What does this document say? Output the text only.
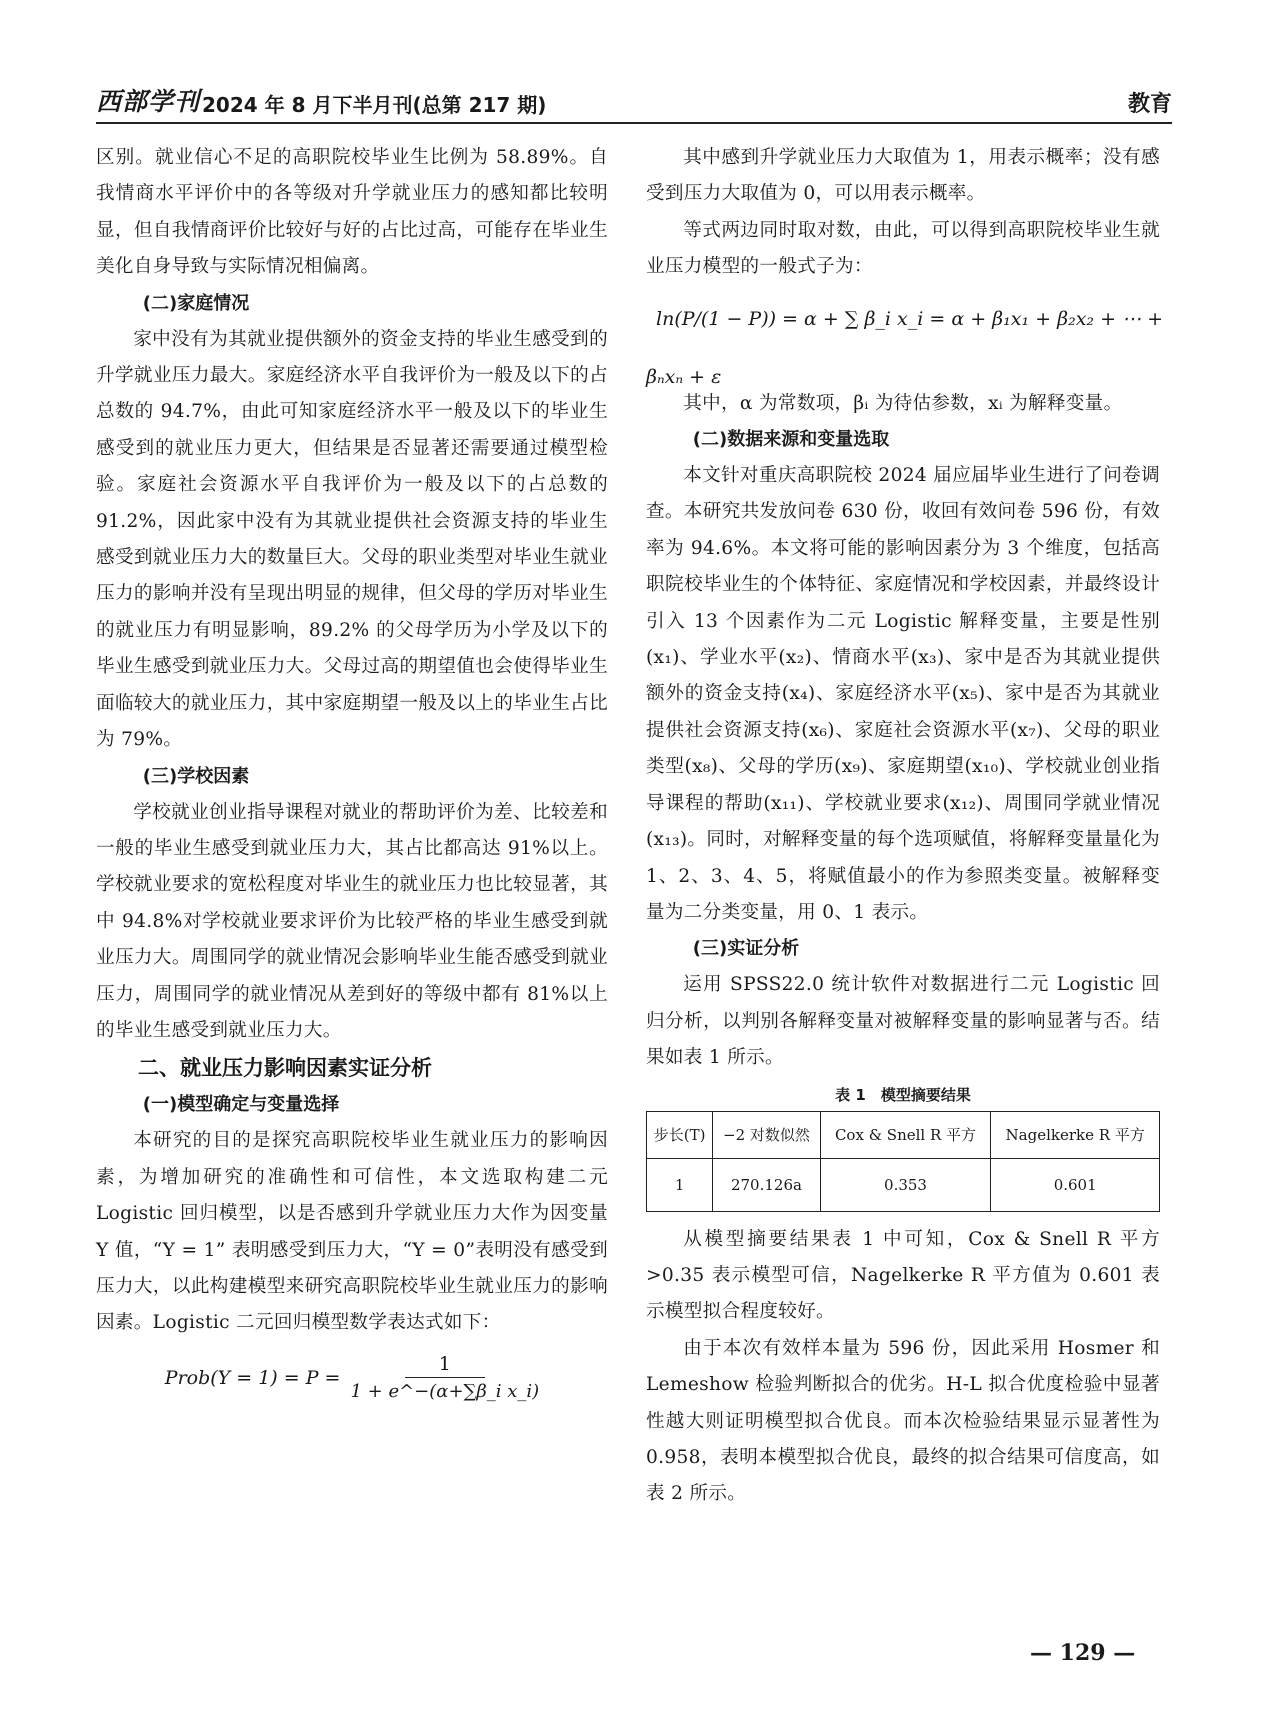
西部学刊 2024 年 8 月下半月刊(总第 217 期)	教育

区别。就业信心不足的高职院校毕业生比例为 58.89%。自我情商水平评价中的各等级对升学就业压力的感知都比较明显，但自我情商评价比较好与好的占比过高，可能存在毕业生美化自身导致与实际情况相偏离。

(二)家庭情况

家中没有为其就业提供额外的资金支持的毕业生感受到的升学就业压力最大。家庭经济水平自我评价为一般及以下的占总数的 94.7%，由此可知家庭经济水平一般及以下的毕业生感受到的就业压力更大，但结果是否显著还需要通过模型检验。家庭社会资源水平自我评价为一般及以下的占总数的 91.2%，因此家中没有为其就业提供社会资源支持的毕业生感受到就业压力大的数量巨大。父母的职业类型对毕业生就业压力的影响并没有呈现出明显的规律，但父母的学历对毕业生的就业压力有明显影响，89.2% 的父母学历为小学及以下的毕业生感受到就业压力大。父母过高的期望值也会使得毕业生面临较大的就业压力，其中家庭期望一般及以上的毕业生占比为 79%。

(三)学校因素

学校就业创业指导课程对就业的帮助评价为差、比较差和一般的毕业生感受到就业压力大，其占比都高达 91%以上。学校就业要求的宽松程度对毕业生的就业压力也比较显著，其中 94.8%对学校就业要求评价为比较严格的毕业生感受到就业压力大。周围同学的就业情况会影响毕业生能否感受到就业压力，周围同学的就业情况从差到好的等级中都有 81%以上的毕业生感受到就业压力大。

二、就业压力影响因素实证分析

(一)模型确定与变量选择

本研究的目的是探究高职院校毕业生就业压力的影响因素，为增加研究的准确性和可信性，本文选取构建二元 Logistic 回归模型，以是否感到升学就业压力大作为因变量 Y 值，“Y = 1” 表明感受到压力大，“Y = 0”表明没有感受到压力大，以此构建模型来研究高职院校毕业生就业压力的影响因素。Logistic 二元回归模型数学表达式如下：

Prob(Y = $1) = P = \frac{1}{\text{1 + e\textasciicircum{}−(α+∑β\_i x\_i)}}$

其中感到升学就业压力大取值为 1，用表示概率；没有感受到压力大取值为 0，可以用表示概率。

等式两边同时取对数，由此，可以得到高职院校毕业生就业压力模型的一般式子为：

ln(P/(1 − P)) = α + ∑ β_i x_i = α + β₁x₁ + β₂x₂ + ⋯ +
βₙxₙ + ε

其中，α 为常数项，βᵢ 为待估参数，xᵢ 为解释变量。

(二)数据来源和变量选取

本文针对重庆高职院校 2024 届应届毕业生进行了问卷调查。本研究共发放问卷 630 份，收回有效问卷 596 份，有效率为 94.6%。本文将可能的影响因素分为 3 个维度，包括高职院校毕业生的个体特征、家庭情况和学校因素，并最终设计引入 13 个因素作为二元 Logistic 解释变量，主要是性别(x₁)、学业水平(x₂)、情商水平(x₃)、家中是否为其就业提供额外的资金支持(x₄)、家庭经济水平(x₅)、家中是否为其就业提供社会资源支持(x₆)、家庭社会资源水平(x₇)、父母的职业类型(x₈)、父母的学历(x₉)、家庭期望(x₁₀)、学校就业创业指导课程的帮助(x₁₁)、学校就业要求(x₁₂)、周围同学就业情况(x₁₃)。同时，对解释变量的每个选项赋值，将解释变量量化为 1、2、3、4、5，将赋值最小的作为参照类变量。被解释变量为二分类变量，用 0、1 表示。

(三)实证分析

运用 SPSS22.0 统计软件对数据进行二元 Logistic 回归分析，以判别各解释变量对被解释变量的影响显著与否。结果如表 1 所示。

表 1　模型摘要结果
步长(T)	−2 对数似然	Cox & Snell R 平方	Nagelkerke R 平方
1	270.126a	0.353	0.601

从模型摘要结果表 1 中可知，Cox & Snell R 平方 >0.35 表示模型可信，Nagelkerke R 平方值为 0.601 表示模型拟合程度较好。

由于本次有效样本量为 596 份，因此采用 Hosmer 和 Lemeshow 检验判断拟合的优劣。H-L 拟合优度检验中显著性越大则证明模型拟合优良。而本次检验结果显示显著性为 0.958，表明本模型拟合优良，最终的拟合结果可信度高，如表 2 所示。

— 129 —
